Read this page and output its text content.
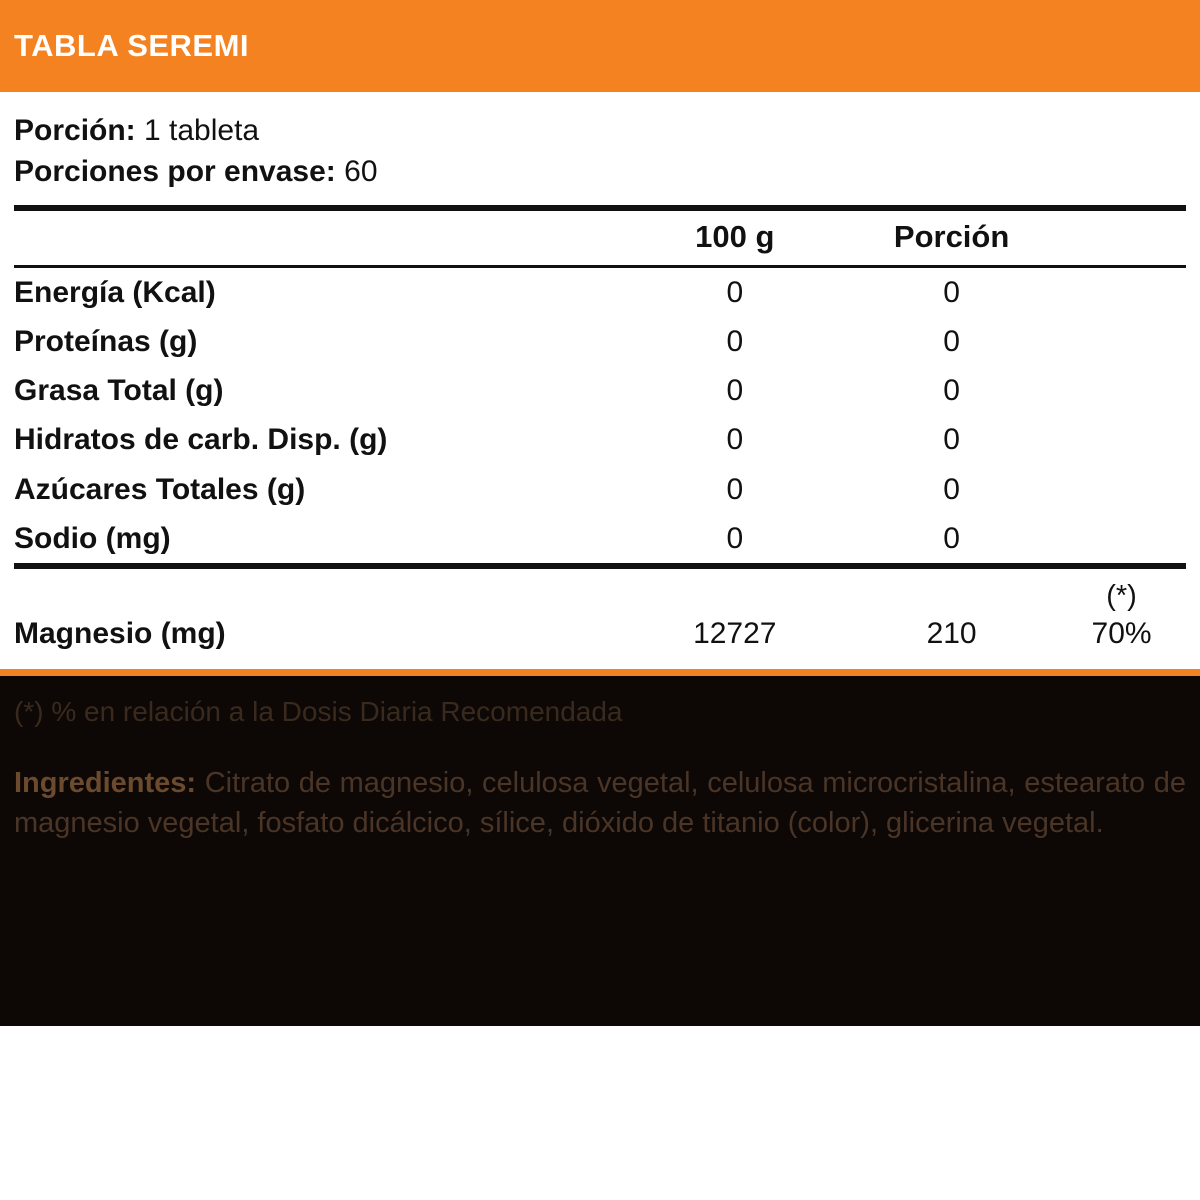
TABLA SEREMI
Porción: 1 tableta
Porciones por envase: 60
	100 g	Porción	
Energía (Kcal)	0	0	
Proteínas (g)	0	0	
Grasa Total (g)	0	0	
Hidratos de carb. Disp. (g)	0	0	
Azúcares Totales (g)	0	0	
Sodio (mg)	0	0	

			(*)

Magnesio (mg)	12727	210	70%
(*) % en relación a la Dosis Diaria Recomendada
Ingredientes: Citrato de magnesio, celulosa vegetal, celulosa microcristalina, estearato de magnesio vegetal, fosfato dicálcico, sílice, dióxido de titanio (color), glicerina vegetal.
